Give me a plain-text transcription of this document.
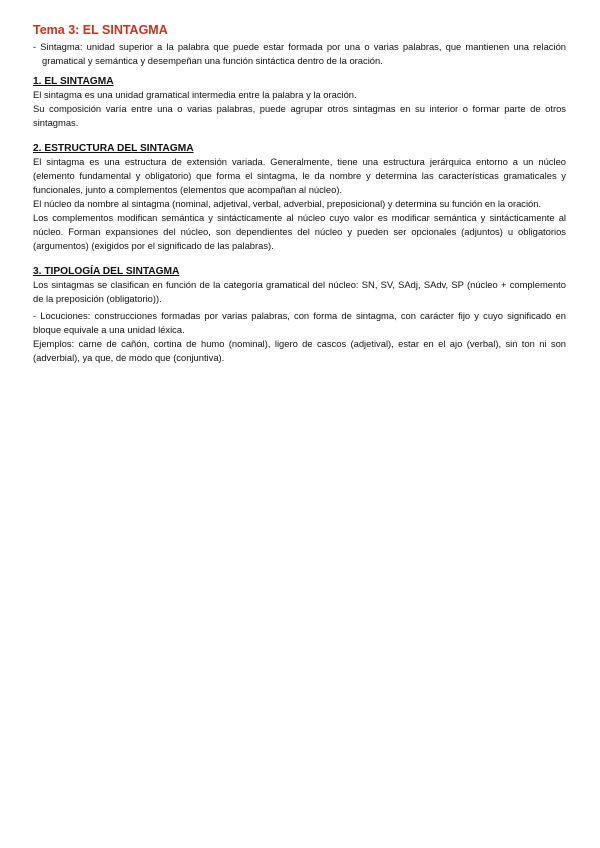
Tema 3: EL SINTAGMA

- Sintagma: unidad superior a la palabra que puede estar formada por una o varias palabras, que mantienen una relación gramatical y semántica y desempeñan una función sintáctica dentro de la oración.

1. EL SINTAGMA

El sintagma es una unidad gramatical intermedia entre la palabra y la oración.

Su composición varía entre una o varias palabras, puede agrupar otros sintagmas en su interior o formar parte de otros sintagmas.

2. ESTRUCTURA DEL SINTAGMA

El sintagma es una estructura de extensión variada. Generalmente, tiene una estructura jerárquica entorno a un núcleo (elemento fundamental y obligatorio) que forma el sintagma, le da nombre y determina las características gramaticales y funcionales, junto a complementos (elementos que acompañan al núcleo).

El núcleo da nombre al sintagma (nominal, adjetival, verbal, adverbial, preposicional) y determina su función en la oración.

Los complementos modifican semántica y sintácticamente al núcleo cuyo valor es modificar semántica y sintácticamente al núcleo. Forman expansiones del núcleo, son dependientes del núcleo y pueden ser opcionales (adjuntos) u obligatorios (argumentos) (exigidos por el significado de las palabras).

3. TIPOLOGÍA DEL SINTAGMA

Los sintagmas se clasifican en función de la categoría gramatical del núcleo: SN, SV, SAdj, SAdv, SP (núcleo + complemento de la preposición (obligatorio)).

- Locuciones: construcciones formadas por varias palabras, con forma de sintagma, con carácter fijo y cuyo significado en bloque equivale a una unidad léxica.

Ejemplos: carne de cañón, cortina de humo (nominal), ligero de cascos (adjetival), estar en el ajo (verbal), sin ton ni son (adverbial), ya que, de modo que (conjuntiva).
